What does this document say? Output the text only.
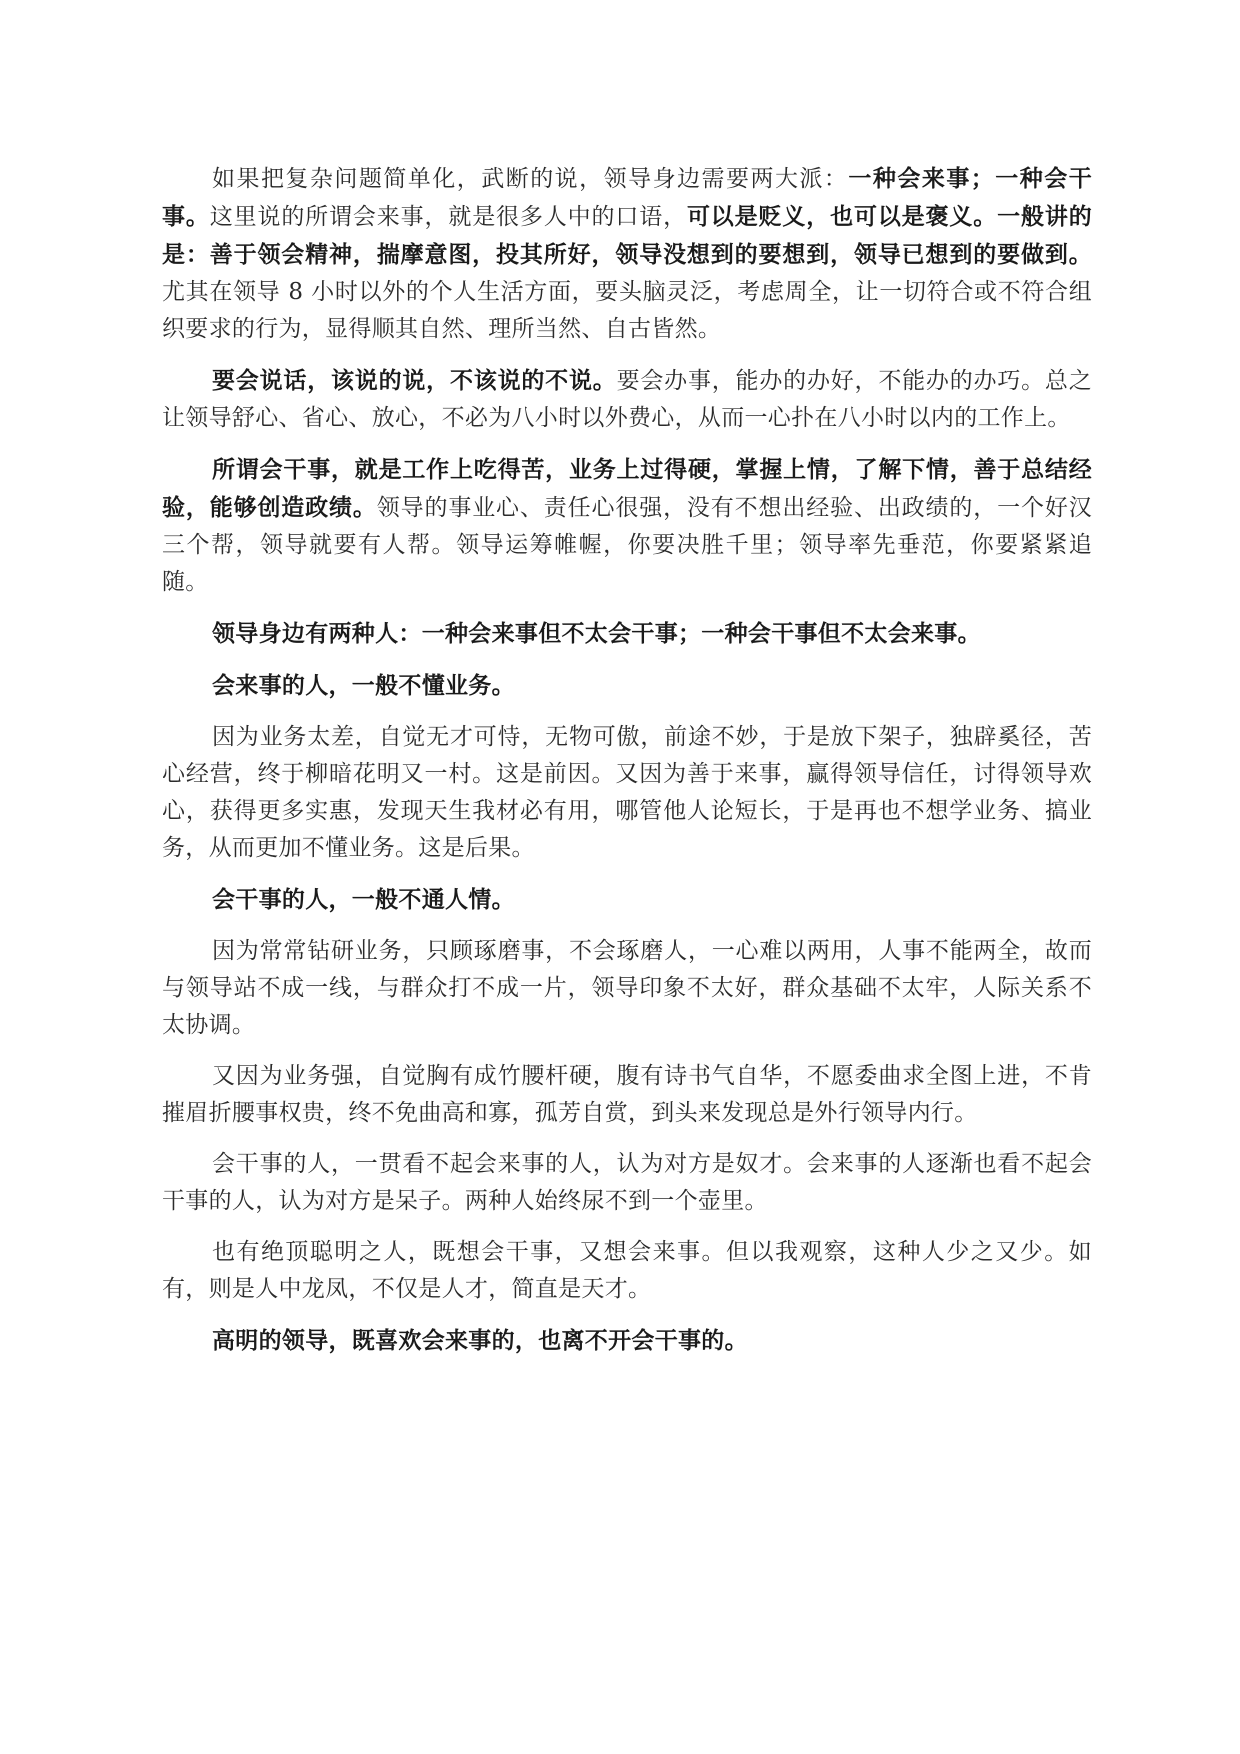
如果把复杂问题简单化，武断的说，领导身边需要两大派：一种会来事；一种会干事。这里说的所谓会来事，就是很多人中的口语，可以是贬义，也可以是褒义。一般讲的是：善于领会精神，揣摩意图，投其所好，领导没想到的要想到，领导已想到的要做到。尤其在领导 8 小时以外的个人生活方面，要头脑灵泛，考虑周全，让一切符合或不符合组织要求的行为，显得顺其自然、理所当然、自古皆然。

要会说话，该说的说，不该说的不说。要会办事，能办的办好，不能办的办巧。总之让领导舒心、省心、放心，不必为八小时以外费心，从而一心扑在八小时以内的工作上。

所谓会干事，就是工作上吃得苦，业务上过得硬，掌握上情，了解下情，善于总结经验，能够创造政绩。领导的事业心、责任心很强，没有不想出经验、出政绩的，一个好汉三个帮，领导就要有人帮。领导运筹帷幄，你要决胜千里；领导率先垂范，你要紧紧追随。

领导身边有两种人：一种会来事但不太会干事；一种会干事但不太会来事。

会来事的人，一般不懂业务。

因为业务太差，自觉无才可恃，无物可傲，前途不妙，于是放下架子，独辟奚径，苦心经营，终于柳暗花明又一村。这是前因。又因为善于来事，赢得领导信任，讨得领导欢心，获得更多实惠，发现天生我材必有用，哪管他人论短长，于是再也不想学业务、搞业务，从而更加不懂业务。这是后果。

会干事的人，一般不通人情。

因为常常钻研业务，只顾琢磨事，不会琢磨人，一心难以两用，人事不能两全，故而与领导站不成一线，与群众打不成一片，领导印象不太好，群众基础不太牢，人际关系不太协调。

又因为业务强，自觉胸有成竹腰杆硬，腹有诗书气自华，不愿委曲求全图上进，不肯摧眉折腰事权贵，终不免曲高和寡，孤芳自赏，到头来发现总是外行领导内行。

会干事的人，一贯看不起会来事的人，认为对方是奴才。会来事的人逐渐也看不起会干事的人，认为对方是呆子。两种人始终尿不到一个壶里。

也有绝顶聪明之人，既想会干事，又想会来事。但以我观察，这种人少之又少。如有，则是人中龙凤，不仅是人才，简直是天才。

高明的领导，既喜欢会来事的，也离不开会干事的。
